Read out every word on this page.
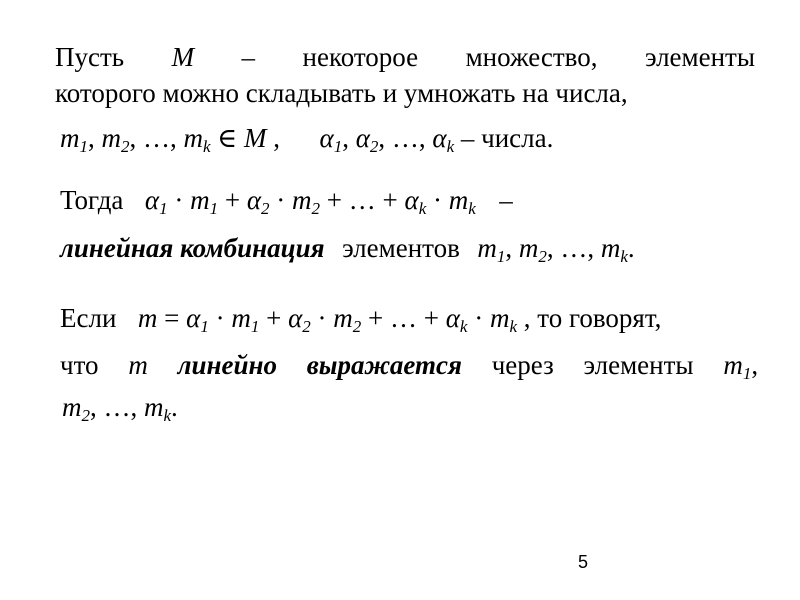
Пусть M – некоторое множество, элементы
которого можно складывать и умножать на числа,
$m_1$, $m_2$, …, $m_k$ ∈ M , $\alpha_1$, $\alpha_2$, …, $\alpha_k$ – числа.
Тогда $\alpha_1 \cdot m_1 + \alpha_2 \cdot m_2$ + … + $\alpha_k \cdot m_k$ –
линейная комбинация элементов $m_1$, $m_2$, …, $m_k$.
Если $m = \alpha_1 \cdot m_1 + \alpha_2 \cdot m_2$ + … + $\alpha_k \cdot m_k$ , то говорят,
что m линейно выражается через элементы $m_1$,
$m_2$, …, $m_k$.
5
